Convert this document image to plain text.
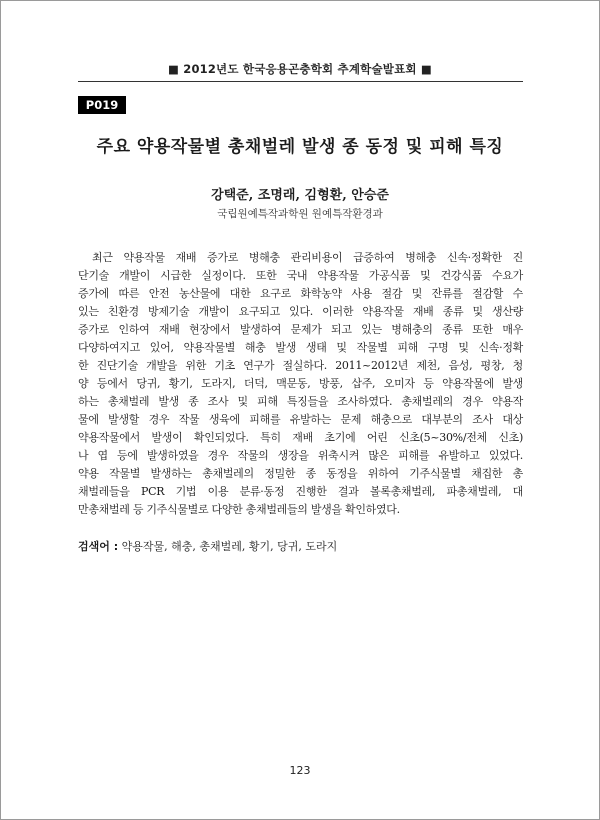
■ 2012년도 한국응용곤충학회 추계학술발표회 ■
P019
주요 약용작물별 총채벌레 발생 종 동정 및 피해 특징
강택준, 조명래, 김형환, 안승준
국립원예특작과학원 원예특작환경과
최근 약용작물 재배 증가로 병해충 관리비용이 급증하여 병해충 신속·정확한 진
단기술 개발이 시급한 실정이다. 또한 국내 약용작물 가공식품 및 건강식품 수요가
증가에 따른 안전 농산물에 대한 요구로 화학농약 사용 절감 및 잔류를 절감할 수
있는 친환경 방제기술 개발이 요구되고 있다. 이러한 약용작물 재배 종류 및 생산량
증가로 인하여 재배 현장에서 발생하여 문제가 되고 있는 병해충의 종류 또한 매우
다양하여지고 있어, 약용작물별 해충 발생 생태 및 작물별 피해 구명 및 신속·정확
한 진단기술 개발을 위한 기초 연구가 절실하다. 2011~2012년 제천, 음성, 평창, 청
양 등에서 당귀, 황기, 도라지, 더덕, 맥문동, 방풍, 삽주, 오미자 등 약용작물에 발생
하는 총채벌레 발생 종 조사 및 피해 특징들을 조사하였다. 총채벌레의 경우 약용작
물에 발생할 경우 작물 생육에 피해를 유발하는 문제 해충으로 대부분의 조사 대상
약용작물에서 발생이 확인되었다. 특히 재배 초기에 어린 신초(5~30%/전체 신초)
나 엽 등에 발생하였을 경우 작물의 생장을 위축시켜 많은 피해를 유발하고 있었다.
약용 작물별 발생하는 총채벌레의 정밀한 종 동정을 위하여 기주식물별 채집한 총
채벌레들을 PCR 기법 이용 분류·동정 진행한 결과 볼록총채벌레, 파총채벌레, 대
만총채벌레 등 기주식물별로 다양한 총채벌레들의 발생을 확인하였다.
검색어 : 약용작물, 해충, 총채벌레, 황기, 당귀, 도라지
123
